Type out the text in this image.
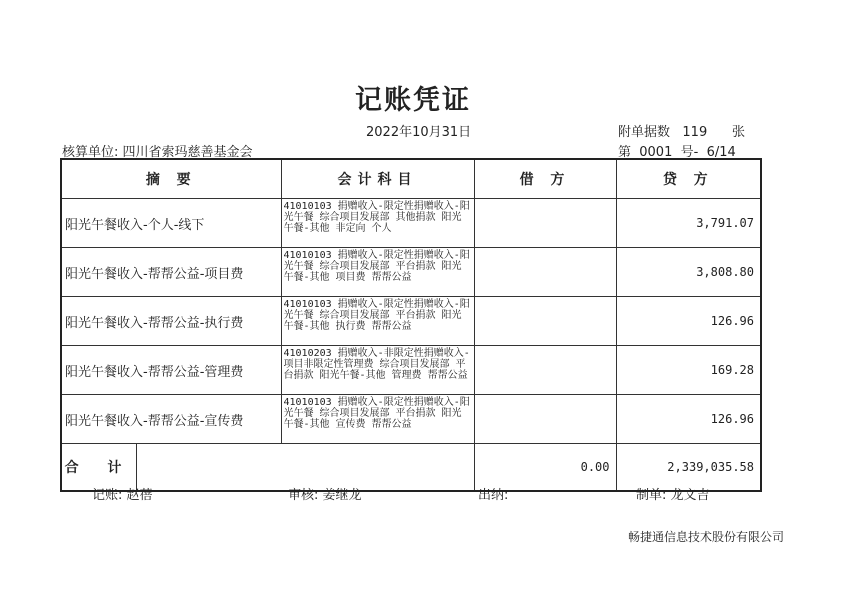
记账凭证
2022年10月31日
核算单位: 四川省索玛慈善基金会
附单据数   119      张
第  0001  号-  6/14
摘 要	会计科目	借 方	贷 方
阳光午餐收入-个人-线下	41010103 捐赠收入-限定性捐赠收入-阳光午餐 综合项目发展部 其他捐款 阳光午餐-其他 非定向 个人		3,791.07
阳光午餐收入-帮帮公益-项目费	41010103 捐赠收入-限定性捐赠收入-阳光午餐 综合项目发展部 平台捐款 阳光午餐-其他 项目费 帮帮公益		3,808.80
阳光午餐收入-帮帮公益-执行费	41010103 捐赠收入-限定性捐赠收入-阳光午餐 综合项目发展部 平台捐款 阳光午餐-其他 执行费 帮帮公益		126.96
阳光午餐收入-帮帮公益-管理费	41010203 捐赠收入-非限定性捐赠收入-项目非限定性管理费 综合项目发展部 平台捐款 阳光午餐-其他 管理费 帮帮公益		169.28
阳光午餐收入-帮帮公益-宣传费	41010103 捐赠收入-限定性捐赠收入-阳光午餐 综合项目发展部 平台捐款 阳光午餐-其他 宣传费 帮帮公益		126.96

合 计		0.00	2,339,035.58
记账: 赵蓓	审核: 姜继龙	出纳:	制单: 龙文吉
畅捷通信息技术股份有限公司
